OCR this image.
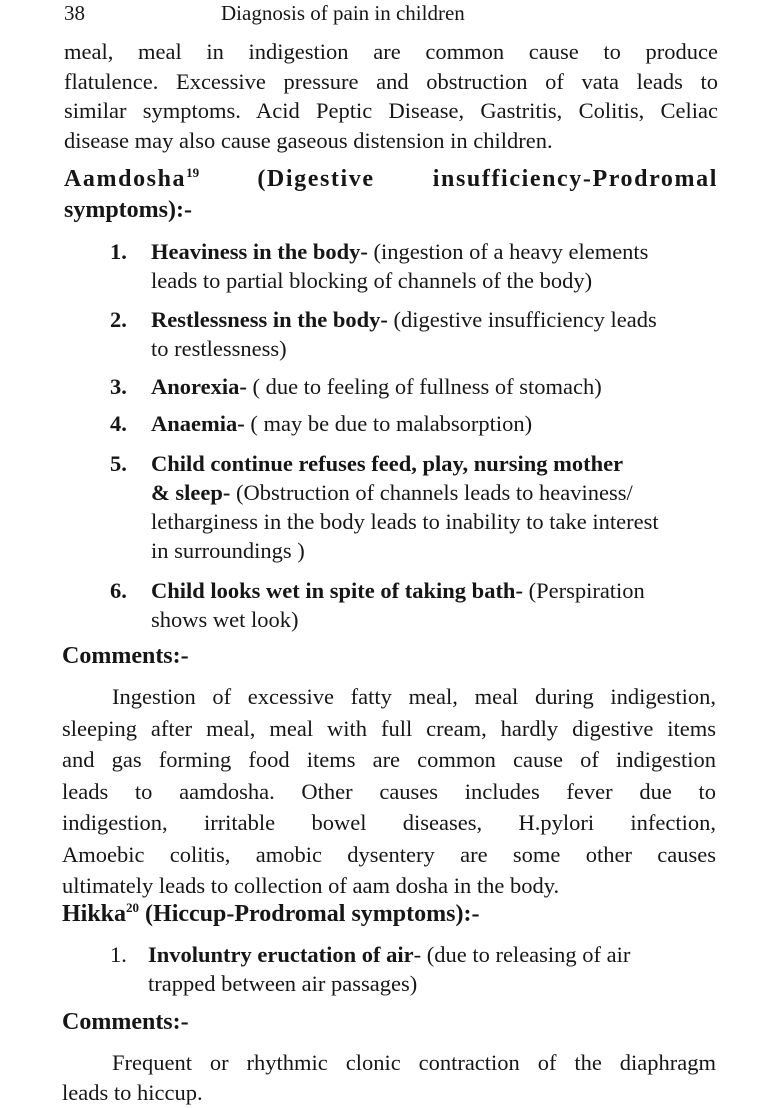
38	Diagnosis of pain in children
meal, meal in indigestion are common cause to produce
flatulence. Excessive pressure and obstruction of vata leads to
similar symptoms. Acid Peptic Disease, Gastritis, Colitis, Celiac
disease may also cause gaseous distension in children.
Aamdosha$^{19}$ (Digestive insufficiency-Prodromal
symptoms):-
1. Heaviness in the body- (ingestion of a heavy elements
leads to partial blocking of channels of the body)
2. Restlessness in the body- (digestive insufficiency leads
to restlessness)
3. Anorexia- ( due to feeling of fullness of stomach)
4. Anaemia- ( may be due to malabsorption)
5. Child continue refuses feed, play, nursing mother
& sleep- (Obstruction of channels leads to heaviness/
letharginess in the body leads to inability to take interest
in surroundings )
6. Child looks wet in spite of taking bath- (Perspiration
shows wet look)
Comments:-
Ingestion of excessive fatty meal, meal during indigestion,
sleeping after meal, meal with full cream, hardly digestive items
and gas forming food items are common cause of indigestion
leads to aamdosha. Other causes includes fever due to
indigestion, irritable bowel diseases, H.pylori infection,
Amoebic colitis, amobic dysentery are some other causes
ultimately leads to collection of aam dosha in the body.
Hikka$^{20}$ (Hiccup-Prodromal symptoms):-
1. Involuntry eructation of air- (due to releasing of air
trapped between air passages)
Comments:-
Frequent or rhythmic clonic contraction of the diaphragm
leads to hiccup.
